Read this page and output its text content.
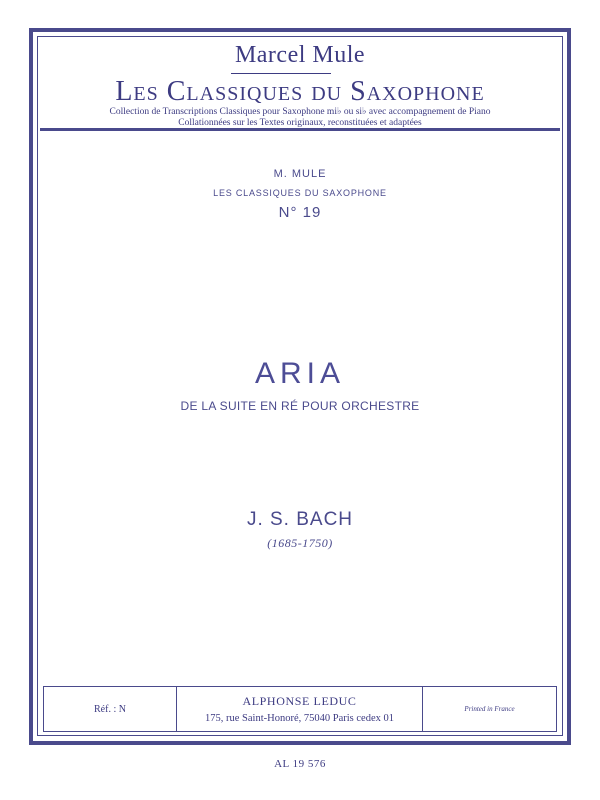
Marcel Mule
Les Classiques du Saxophone
Collection de Transcriptions Classiques pour Saxophone mi♭ ou si♭ avec accompagnement de Piano
Collationnées sur les Textes originaux, reconstituées et adaptées
M. MULE
LES CLASSIQUES DU SAXOPHONE
N° 19
ARIA
DE LA SUITE EN RÉ POUR ORCHESTRE
J. S. BACH
(1685-1750)
Réf. : N
ALPHONSE LEDUC
175, rue Saint-Honoré, 75040 Paris cedex 01
Printed in France
AL 19 576
